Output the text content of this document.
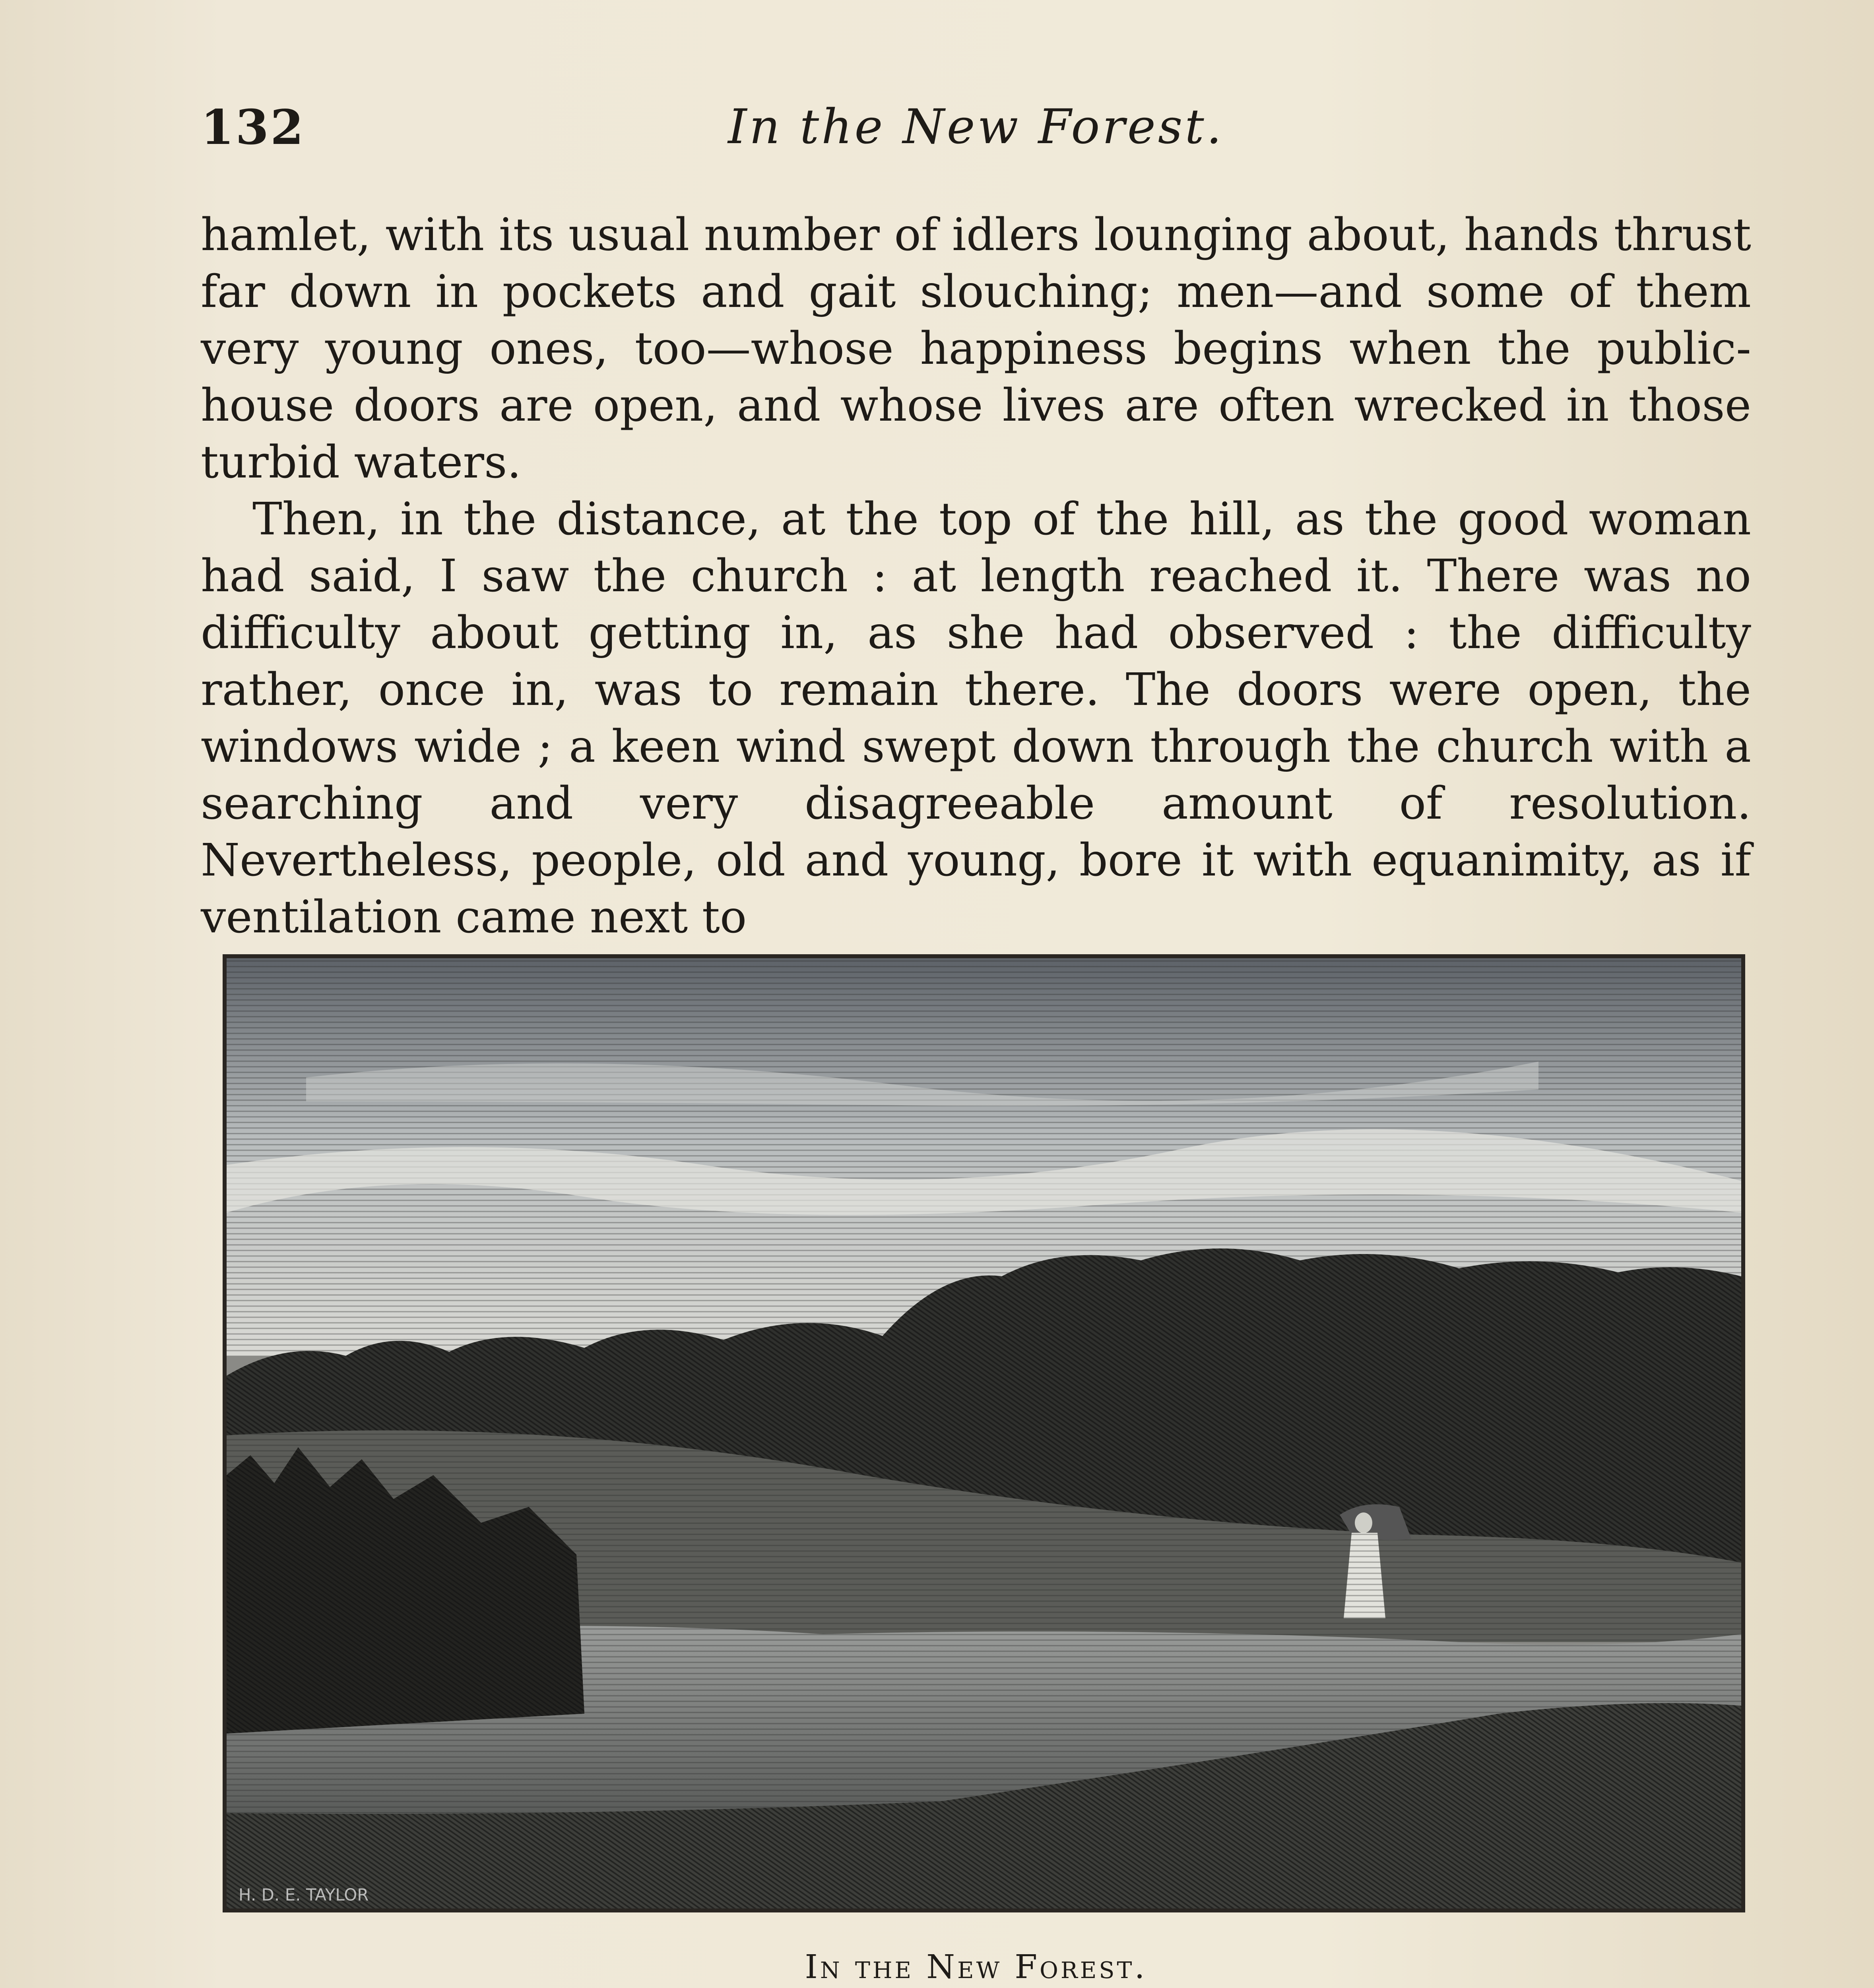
132	In the New Forest.

hamlet, with its usual number of idlers lounging about, hands thrust far down in pockets and gait slouching; men—and some of them very young ones, too—whose happiness begins when the public-house doors are open, and whose lives are often wrecked in those turbid waters.

Then, in the distance, at the top of the hill, as the good woman had said, I saw the church : at length reached it. There was no difficulty about getting in, as she had observed : the difficulty rather, once in, was to remain there. The doors were open, the windows wide ; a keen wind swept down through the church with a searching and very disagreeable amount of resolution. Nevertheless, people, old and young, bore it with equanimity, as if ventilation came next to

H. D. E. TAYLOR
In the New Forest.
